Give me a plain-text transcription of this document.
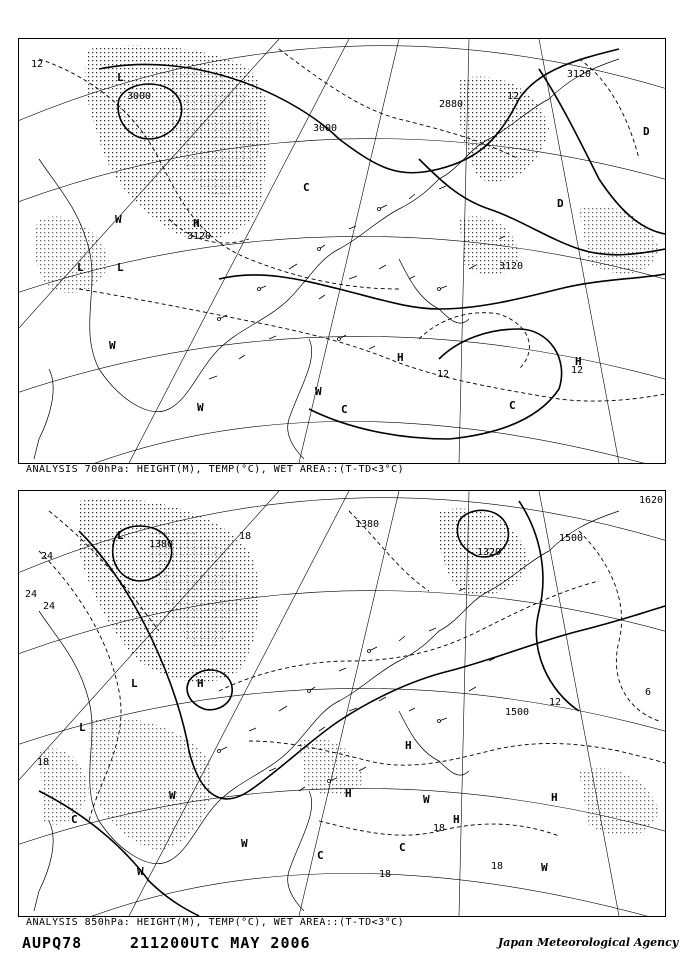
3000
3000
2880
3120
3120
3120
12
12
12	12
L
H
H
L	L
H
C
C
W
W
W
W
C
D
D
ANALYSIS 700hPa: HEIGHT(M), TEMP(°C), WET AREA::(T-TD<3°C)
1380
1380
1320
1500
1500
1620
24
24
24
18
18
18
18
12
6
18
L
H
H
L
L
H
H
H
C
C
C
W
W
W
W
W
ANALYSIS 850hPa: HEIGHT(M), TEMP(°C), WET AREA::(T-TD<3°C)
AUPQ78	211200UTC MAY 2006	Japan Meteorological Agency
